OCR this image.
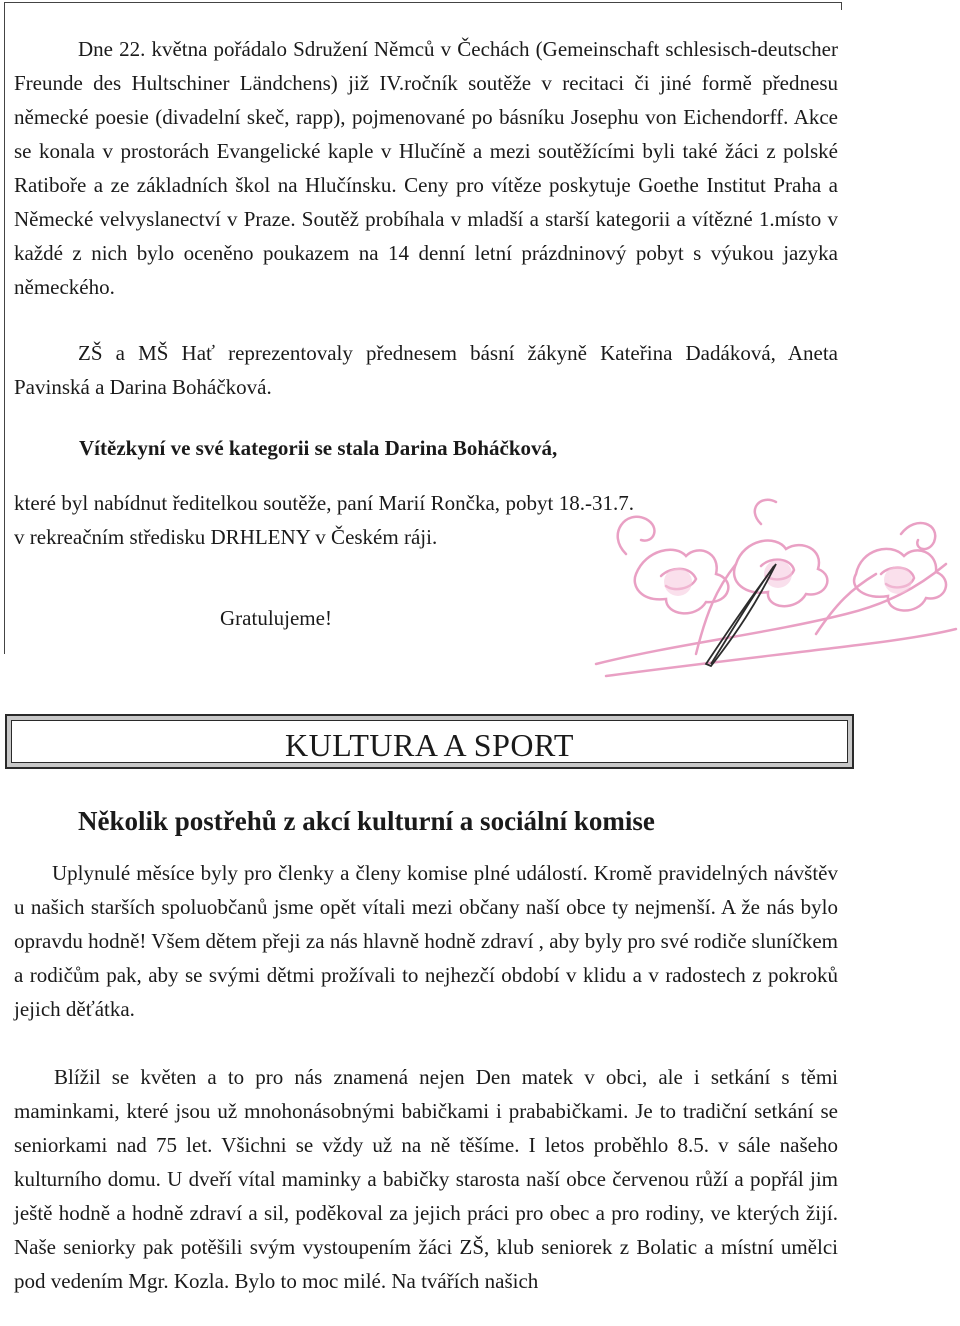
Dne 22. května pořádalo Sdružení Němců v Čechách (Gemeinschaft schlesisch-deutscher Freunde des Hultschiner Ländchens) již IV.ročník soutěže v recitaci či jiné formě přednesu německé poesie (divadelní skeč, rapp), pojmenované po básníku Josephu von Eichendorff. Akce se konala v prostorách Evangelické kaple v Hlučíně a mezi soutěžícími byli také žáci z polské Ratiboře a ze základních škol na Hlučínsku. Ceny pro vítěze poskytuje Goethe Institut Praha a Německé velvyslanectví v Praze. Soutěž probíhala v mladší a starší kategorii a vítězné 1.místo v každé z nich bylo oceněno poukazem na 14 denní letní prázdninový pobyt s výukou jazyka německého.

ZŠ a MŠ Hať reprezentovaly přednesem básní žákyně Kateřina Dadáková, Aneta Pavinská a Darina Boháčková.

Vítězkyní ve své kategorii se stala Darina Boháčková,

které byl nabídnut ředitelkou soutěže, paní Marií Rončka, pobyt 18.-31.7. v rekreačním středisku DRHLENY v Českém ráji.

Gratulujeme!
KULTURA A SPORT
Několik postřehů z akcí kulturní a sociální komise

Uplynulé měsíce byly pro členky a členy komise plné událostí. Kromě pravidelných návštěv u našich starších spoluobčanů jsme opět vítali mezi občany naší obce ty nejmenší. A že nás bylo opravdu hodně! Všem dětem přeji za nás hlavně hodně zdraví , aby byly pro své rodiče sluníčkem a rodičům pak, aby se svými dětmi prožívali to nejhezčí období v klidu a v radostech z pokroků jejich děťátka.

Blížil se květen a to pro nás znamená nejen Den matek v obci, ale i setkání s těmi maminkami, které jsou už mnohonásobnými babičkami i prababičkami. Je to tradiční setkání se seniorkami nad 75 let. Všichni se vždy už na ně těšíme. I letos proběhlo 8.5. v sále našeho kulturního domu. U dveří vítal maminky a babičky starosta naší obce červenou růží a popřál jim ještě hodně a hodně zdraví a sil, poděkoval za jejich práci pro obec a pro rodiny, ve kterých žijí. Naše seniorky pak potěšili svým vystoupením žáci ZŠ, klub seniorek z Bolatic a místní umělci pod vedením Mgr. Kozla. Bylo to moc milé. Na tvářích našich
